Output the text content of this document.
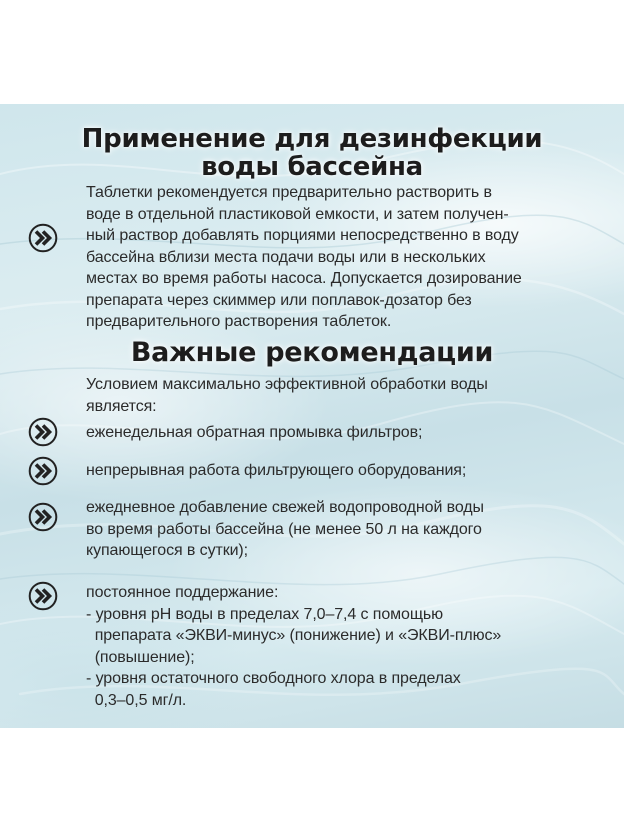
Применение для дезинфекции
воды бассейна
Таблетки рекомендуется предварительно растворить в
воде в отдельной пластиковой емкости, и затем получен-
ный раствор добавлять порциями непосредственно в воду
бассейна вблизи места подачи воды или в нескольких
местах во время работы насоса. Допускается дозирование
препарата через скиммер или поплавок-дозатор без
предварительного растворения таблеток.
Важные рекомендации
Условием максимально эффективной обработки воды
является:
еженедельная обратная промывка фильтров;
непрерывная работа фильтрующего оборудования;
ежедневное добавление свежей водопроводной воды
во время работы бассейна (не менее 50 л на каждого
купающегося в сутки);
постоянное поддержание:
- уровня pH воды в пределах 7,0–7,4 с помощью
препарата «ЭКВИ-минус» (понижение) и «ЭКВИ-плюс»
(повышение);
- уровня остаточного свободного хлора в пределах
0,3–0,5 мг/л.
